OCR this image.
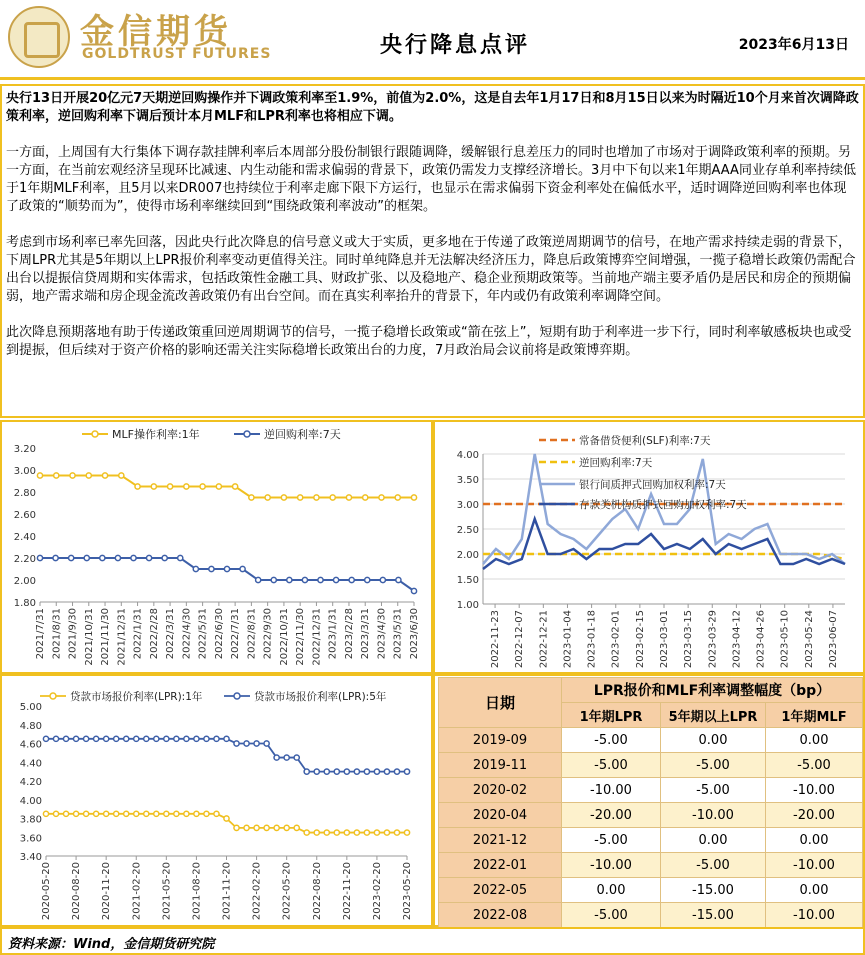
金信期货
GOLDTRUST FUTURES	央行降息点评	2023年6月13日

央行13日开展20亿元7天期逆回购操作并下调政策利率至1.9%，前值为2.0%，这是自去年1月17日和8月15日以来为时隔近10个月来首次调降政策利率，逆回购利率下调后预计本月MLF和LPR利率也将相应下调。

一方面，上周国有大行集体下调存款挂牌利率后本周部分股份制银行跟随调降，缓解银行息差压力的同时也增加了市场对于调降政策利率的预期。另一方面，在当前宏观经济呈现环比减速、内生动能和需求偏弱的背景下，政策仍需发力支撑经济增长。3月中下旬以来1年期AAA同业存单利率持续低于1年期MLF利率，且5月以来DR007也持续位于利率走廊下限下方运行，也显示在需求偏弱下资金利率处在偏低水平，适时调降逆回购利率也体现了政策的“顺势而为”，使得市场利率继续回到“围绕政策利率波动”的框架。

考虑到市场利率已率先回落，因此央行此次降息的信号意义或大于实质，更多地在于传递了政策逆周期调节的信号，在地产需求持续走弱的背景下，下周LPR尤其是5年期以上LPR报价利率变动更值得关注。同时单纯降息并无法解决经济压力，降息后政策博弈空间增强，一揽子稳增长政策仍需配合出台以提振信贷周期和实体需求，包括政策性金融工具、财政扩张、以及稳地产、稳企业预期政策等。当前地产端主要矛盾仍是居民和房企的预期偏弱，地产需求端和房企现金流改善政策仍有出台空间。而在真实利率抬升的背景下，年内或仍有政策利率调降空间。

此次降息预期落地有助于传递政策重回逆周期调节的信号，一揽子稳增长政策或“箭在弦上”，短期有助于利率进一步下行，同时利率敏感板块也或受到提振，但后续对于资产价格的影响还需关注实际稳增长政策出台的力度，7月政治局会议前将是政策博弈期。

3.20
3.00
2.80
2.60
2.40
2.20
2.00
1.80
2021/7/31 2021/8/31 2021/9/30 2021/10/31 2021/11/30 2021/12/31 2022/1/31 2022/2/28 2022/3/31 2022/4/30 2022/5/31 2022/6/30 2022/7/31 2022/8/31 2022/9/30 2022/10/31 2022/11/30 2022/12/31 2023/1/31 2023/2/28 2023/3/31 2023/4/30 2023/5/31 2023/6/30
MLF操作利率:1年	逆回购利率:7天
4.00
3.50
3.00
2.50
2.00
1.50
1.00
2022-11-23 2022-12-07 2022-12-21 2023-01-04 2023-01-18 2023-02-01 2023-02-15 2023-03-01 2023-03-15 2023-03-29 2023-04-12 2023-04-26 2023-05-10 2023-05-24 2023-06-07
常备借贷便利(SLF)利率:7天
逆回购利率:7天
银行间质押式回购加权利率:7天
存款类机构质押式回购加权利率:7天
5.00
4.80
4.60
4.40
4.20
4.00
3.80
3.60
3.40
2020-05-20 2020-08-20 2020-11-20 2021-02-20 2021-05-20 2021-08-20 2021-11-20 2022-02-20 2022-05-20 2022-08-20 2022-11-20 2023-02-20 2023-05-20
贷款市场报价利率(LPR):1年	贷款市场报价利率(LPR):5年	日期	LPR报价和MLF利率调整幅度（bp）		
	1年期LPR	5年期以上LPR	1年期MLF
2019-09	-5.00	0.00	0.00
2019-11	-5.00	-5.00	-5.00
2020-02	-10.00	-5.00	-10.00
2020-04	-20.00	-10.00	-20.00
2021-12	-5.00	0.00	0.00
2022-01	-10.00	-5.00	-10.00
2022-05	0.00	-15.00	0.00
2022-08	-5.00	-15.00	-10.00
资料来源：Wind，金信期货研究院
